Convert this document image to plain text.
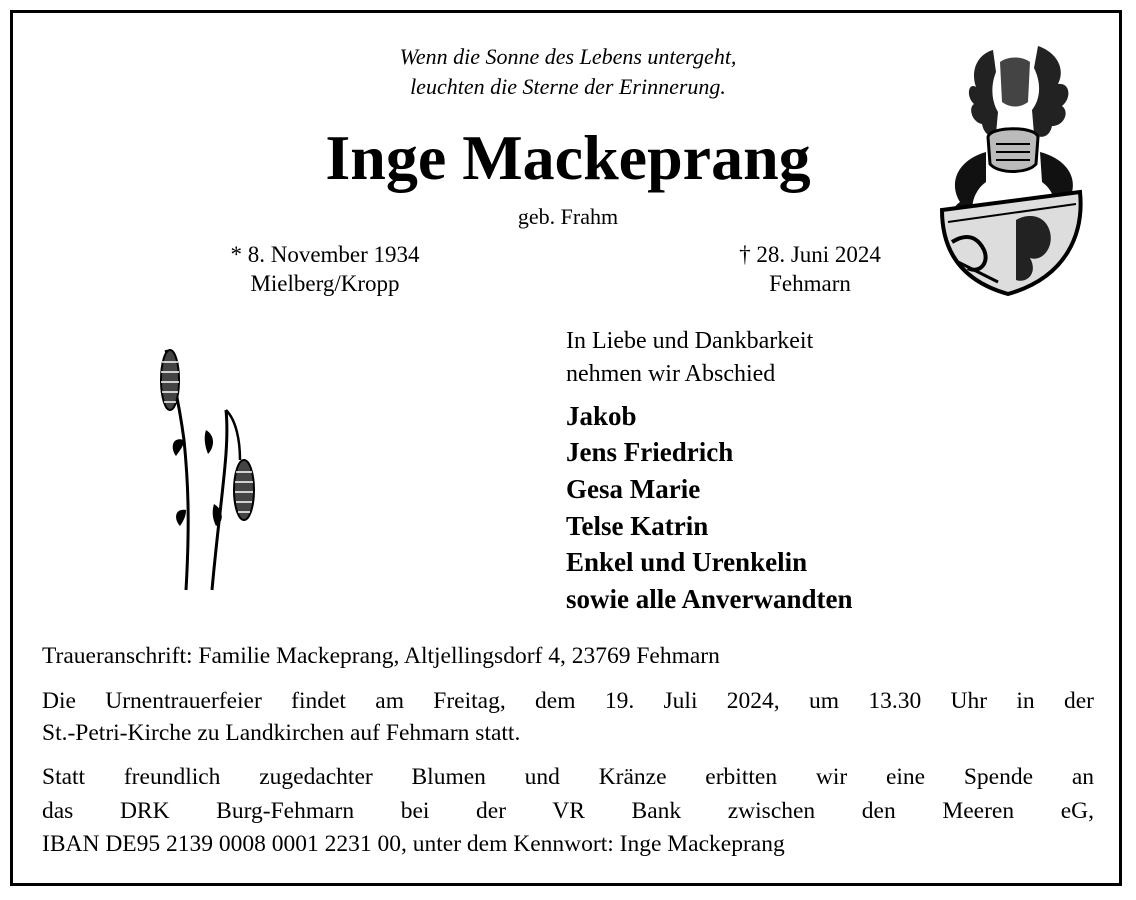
Wenn die Sonne des Lebens untergeht,
leuchten die Sterne der Erinnerung.
Inge Mackeprang
geb. Frahm
* 8. November 1934
Mielberg/Kropp
† 28. Juni 2024
Fehmarn
In Liebe und Dankbarkeit
nehmen wir Abschied
Jakob
Jens Friedrich
Gesa Marie
Telse Katrin
Enkel und Urenkelin
sowie alle Anverwandten
Traueranschrift: Familie Mackeprang, Altjellingsdorf 4, 23769 Fehmarn
Die Urnentrauerfeier findet am Freitag, dem 19. Juli 2024, um 13.30 Uhr in der
St.-Petri-Kirche zu Landkirchen auf Fehmarn statt.
Statt freundlich zugedachter Blumen und Kränze erbitten wir eine Spende an
das DRK Burg-Fehmarn bei der VR Bank zwischen den Meeren eG,
IBAN DE95 2139 0008 0001 2231 00, unter dem Kennwort: Inge Mackeprang
